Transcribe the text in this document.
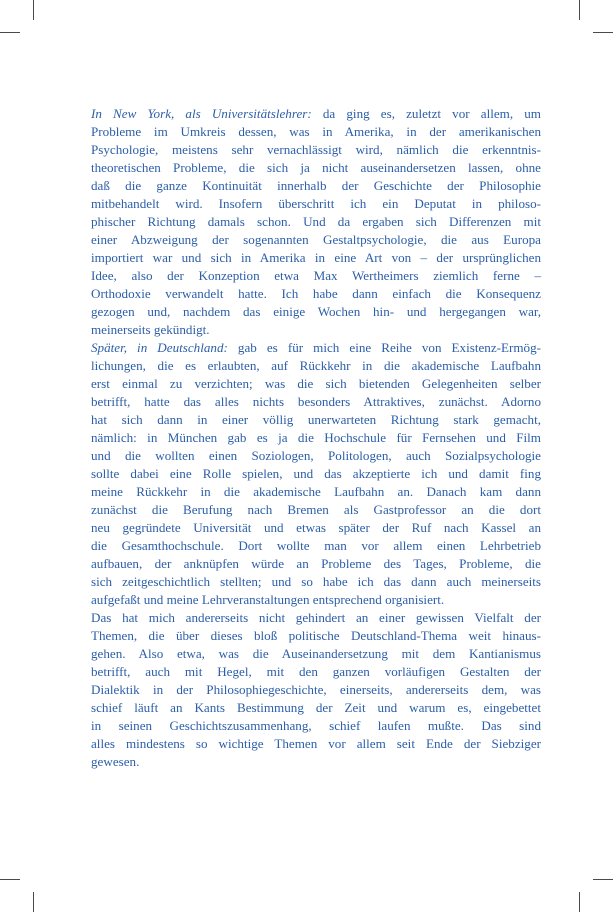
In New York, als Universitätslehrer: da ging es, zuletzt vor allem, um
Probleme im Umkreis dessen, was in Amerika, in der amerikanischen
Psychologie, meistens sehr vernachlässigt wird, nämlich die erkenntnis-
theoretischen Probleme, die sich ja nicht auseinandersetzen lassen, ohne
daß die ganze Kontinuität innerhalb der Geschichte der Philosophie
mitbehandelt wird. Insofern überschritt ich ein Deputat in philoso-
phischer Richtung damals schon. Und da ergaben sich Differenzen mit
einer Abzweigung der sogenannten Gestaltpsychologie, die aus Europa
importiert war und sich in Amerika in eine Art von – der ursprünglichen
Idee, also der Konzeption etwa Max Wertheimers ziemlich ferne –
Orthodoxie verwandelt hatte. Ich habe dann einfach die Konsequenz
gezogen und, nachdem das einige Wochen hin- und hergegangen war,
meinerseits gekündigt.
Später, in Deutschland: gab es für mich eine Reihe von Existenz-Ermög-
lichungen, die es erlaubten, auf Rückkehr in die akademische Laufbahn
erst einmal zu verzichten; was die sich bietenden Gelegenheiten selber
betrifft, hatte das alles nichts besonders Attraktives, zunächst. Adorno
hat sich dann in einer völlig unerwarteten Richtung stark gemacht,
nämlich: in München gab es ja die Hochschule für Fernsehen und Film
und die wollten einen Soziologen, Politologen, auch Sozialpsychologie
sollte dabei eine Rolle spielen, und das akzeptierte ich und damit fing
meine Rückkehr in die akademische Laufbahn an. Danach kam dann
zunächst die Berufung nach Bremen als Gastprofessor an die dort
neu gegründete Universität und etwas später der Ruf nach Kassel an
die Gesamthochschule. Dort wollte man vor allem einen Lehrbetrieb
aufbauen, der anknüpfen würde an Probleme des Tages, Probleme, die
sich zeitgeschichtlich stellten; und so habe ich das dann auch meinerseits
aufgefaßt und meine Lehrveranstaltungen entsprechend organisiert.
Das hat mich andererseits nicht gehindert an einer gewissen Vielfalt der
Themen, die über dieses bloß politische Deutschland-Thema weit hinaus-
gehen. Also etwa, was die Auseinandersetzung mit dem Kantianismus
betrifft, auch mit Hegel, mit den ganzen vorläufigen Gestalten der
Dialektik in der Philosophiegeschichte, einerseits, andererseits dem, was
schief läuft an Kants Bestimmung der Zeit und warum es, eingebettet
in seinen Geschichtszusammenhang, schief laufen mußte. Das sind
alles mindestens so wichtige Themen vor allem seit Ende der Siebziger
gewesen.
